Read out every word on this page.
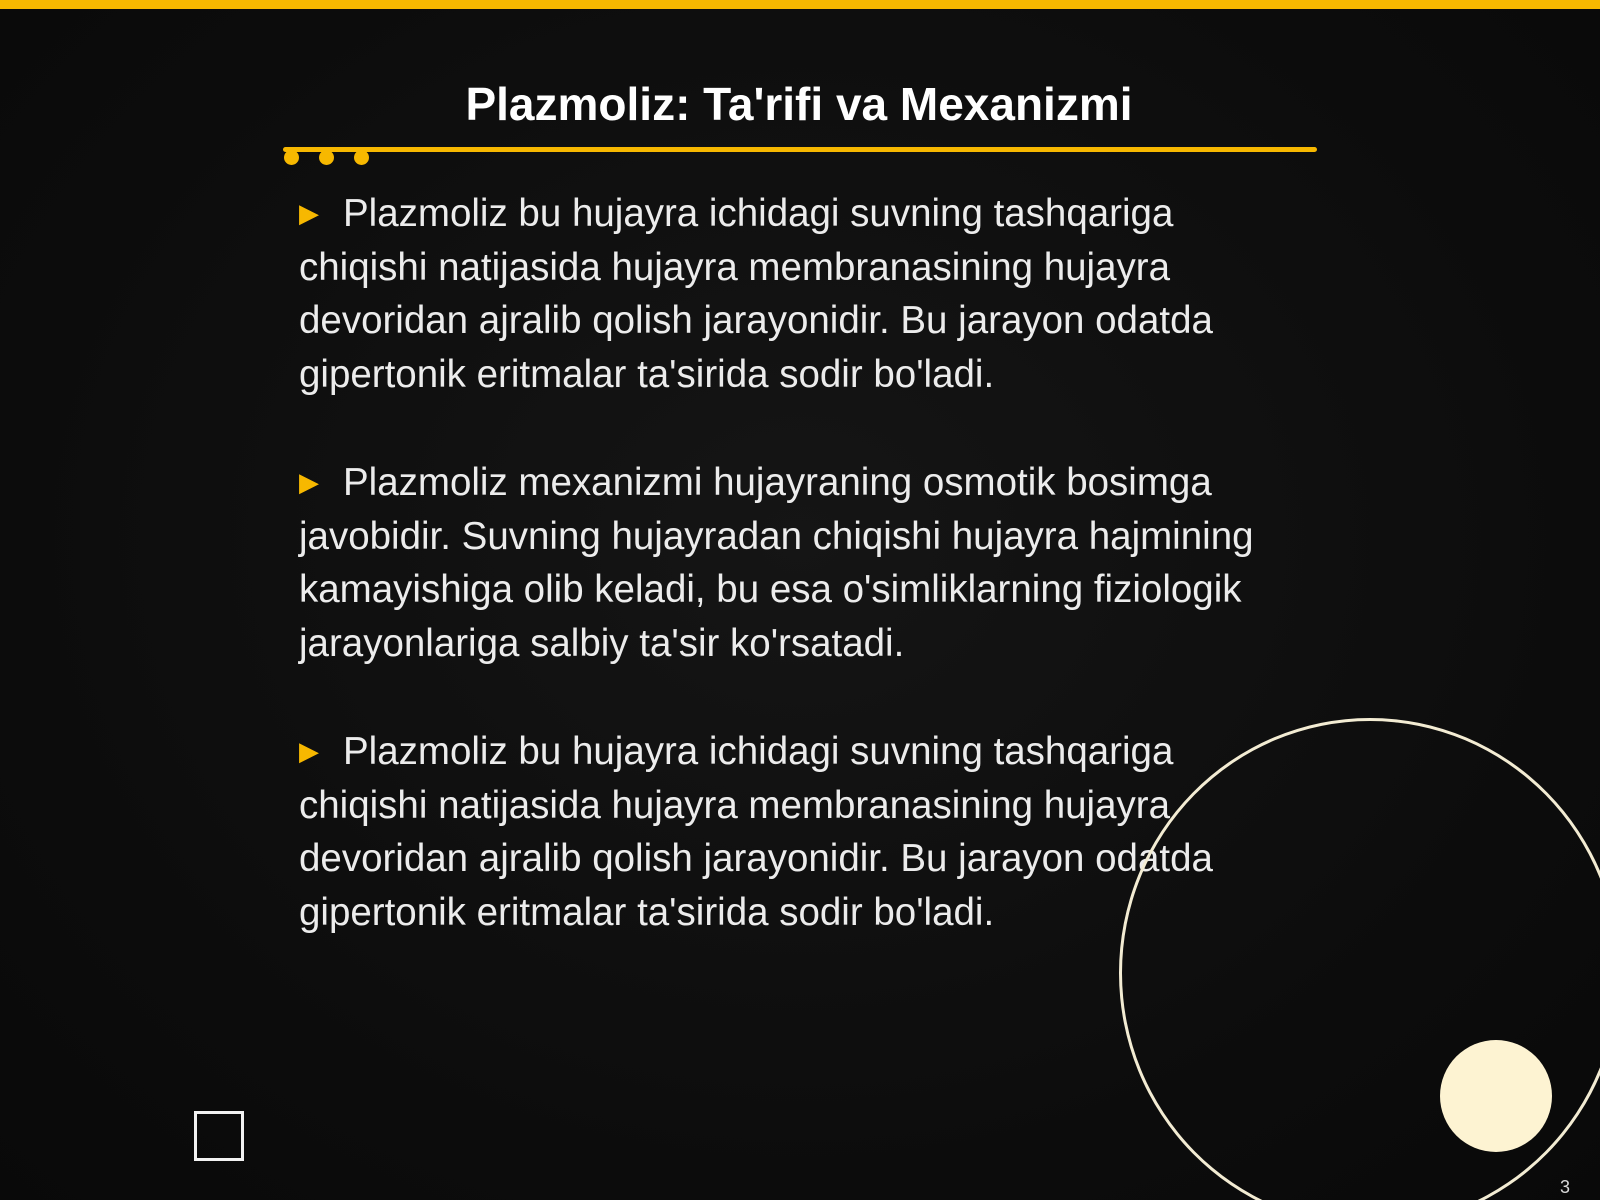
Plazmoliz: Ta'rifi va Mexanizmi

▶ Plazmoliz bu hujayra ichidagi suvning tashqariga chiqishi natijasida hujayra membranasining hujayra devoridan ajralib qolish jarayonidir. Bu jarayon odatda gipertonik eritmalar ta'sirida sodir bo'ladi.

▶ Plazmoliz mexanizmi hujayraning osmotik bosimga javobidir. Suvning hujayradan chiqishi hujayra hajmining kamayishiga olib keladi, bu esa o'simliklarning fiziologik jarayonlariga salbiy ta'sir ko'rsatadi.

▶ Plazmoliz bu hujayra ichidagi suvning tashqariga chiqishi natijasida hujayra membranasining hujayra devoridan ajralib qolish jarayonidir. Bu jarayon odatda gipertonik eritmalar ta'sirida sodir bo'ladi.

3
